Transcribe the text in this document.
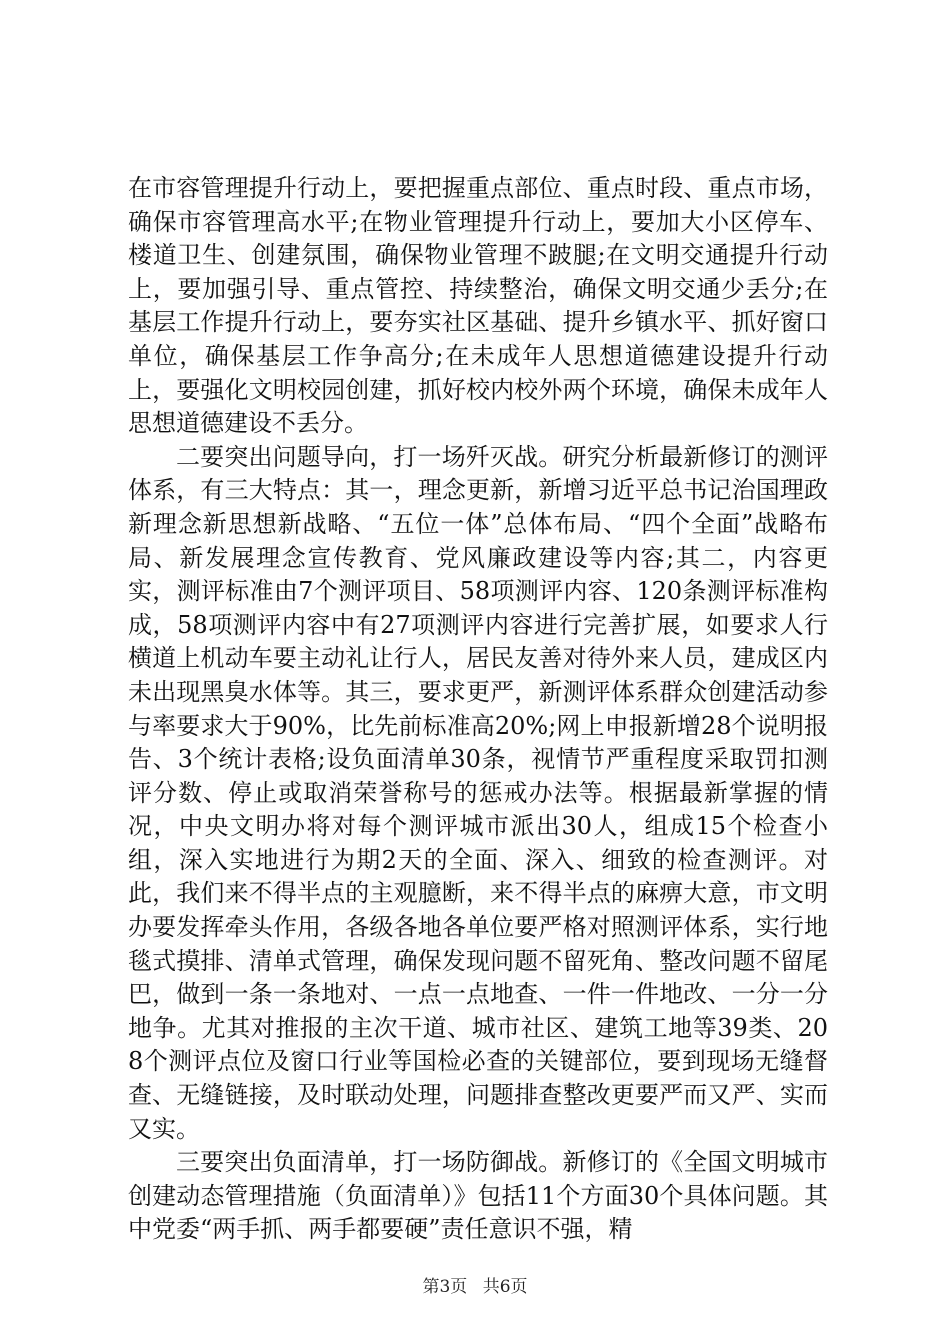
在市容管理提升行动上，要把握重点部位、重点时段、重点市场，确保市容管理高水平;在物业管理提升行动上，要加大小区停车、楼道卫生、创建氛围，确保物业管理不跛腿;在文明交通提升行动上，要加强引导、重点管控、持续整治，确保文明交通少丢分;在基层工作提升行动上，要夯实社区基础、提升乡镇水平、抓好窗口单位，确保基层工作争高分;在未成年人思想道德建设提升行动上，要强化文明校园创建，抓好校内校外两个环境，确保未成年人思想道德建设不丢分。

二要突出问题导向，打一场歼灭战。研究分析最新修订的测评体系，有三大特点：其一，理念更新，新增习近平总书记治国理政新理念新思想新战略、“五位一体”总体布局、“四个全面”战略布局、新发展理念宣传教育、党风廉政建设等内容;其二，内容更实，测评标准由7个测评项目、58项测评内容、120条测评标准构成，58项测评内容中有27项测评内容进行完善扩展，如要求人行横道上机动车要主动礼让行人，居民友善对待外来人员，建成区内未出现黑臭水体等。其三，要求更严，新测评体系群众创建活动参与率要求大于90%，比先前标准高20%;网上申报新增28个说明报告、3个统计表格;设负面清单30条，视情节严重程度采取罚扣测评分数、停止或取消荣誉称号的惩戒办法等。根据最新掌握的情况，中央文明办将对每个测评城市派出30人，组成15个检查小组，深入实地进行为期2天的全面、深入、细致的检查测评。对此，我们来不得半点的主观臆断，来不得半点的麻痹大意，市文明办要发挥牵头作用，各级各地各单位要严格对照测评体系，实行地毯式摸排、清单式管理，确保发现问题不留死角、整改问题不留尾巴，做到一条一条地对、一点一点地查、一件一件地改、一分一分地争。尤其对推报的主次干道、城市社区、建筑工地等39类、208个测评点位及窗口行业等国检必查的关键部位，要到现场无缝督查、无缝链接，及时联动处理，问题排查整改更要严而又严、实而又实。

三要突出负面清单，打一场防御战。新修订的《全国文明城市创建动态管理措施（负面清单）》包括11个方面30个具体问题。其中党委“两手抓、两手都要硬”责任意识不强，精

第3页 共6页
